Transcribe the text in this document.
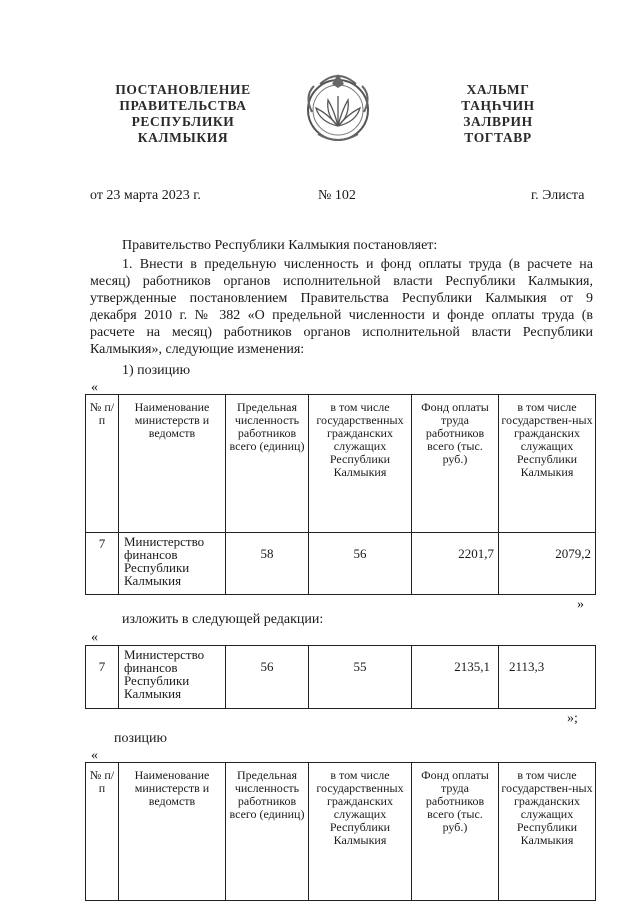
ПОСТАНОВЛЕНИЕ
ПРАВИТЕЛЬСТВА
РЕСПУБЛИКИ
КАЛМЫКИЯ
ХАЛЬМГ
ТАҢҺЧИН
ЗАЛВРИН
ТОГТАВР
от 23 марта 2023 г.	№ 102	г. Элиста
Правительство Республики Калмыкия постановляет:
1. Внести в предельную численность и фонд оплаты труда (в расчете на
месяц) работников органов исполнительной власти Республики Калмыкия,
утвержденные постановлением Правительства Республики Калмыкия от 9
декабря 2010 г. № 382 «О предельной численности и фонде оплаты труда (в
расчете на месяц) работников органов исполнительной власти Республики
Калмыкия», следующие изменения:
1) позицию
«
№ п/п	Наименование министерств и ведомств	Предельная численность работников всего (единиц)	в том числе государственных гражданских служащих Республики Калмыкия	Фонд оплаты труда работников всего (тыс. руб.)	в том числе государствен-ных гражданских служащих Республики Калмыкия
7	Министерство финансов Республики Калмыкия	58	56	2201,7	2079,2
»
изложить в следующей редакции:
«
7	Министерство финансов Республики Калмыкия	56	55	2135,1	2113,3
»;
позицию
«
№ п/п	Наименование министерств и ведомств	Предельная численность работников всего (единиц)	в том числе государственных гражданских служащих Республики Калмыкия	Фонд оплаты труда работников всего (тыс. руб.)	в том числе государствен-ных гражданских служащих Республики Калмыкия
